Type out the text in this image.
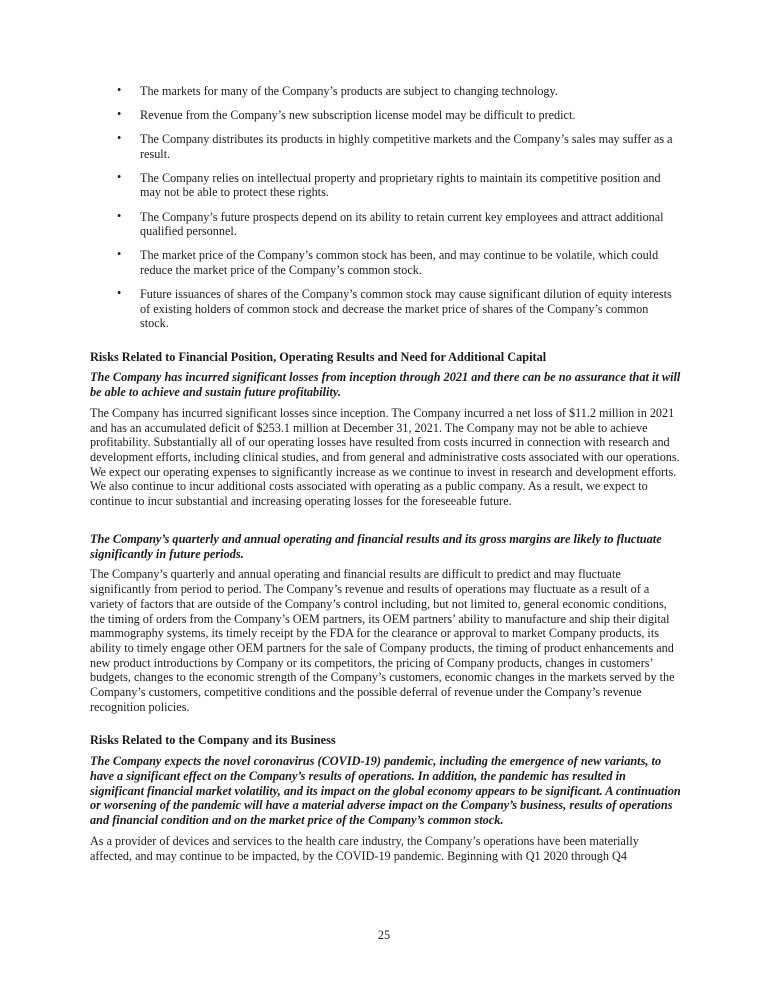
• The markets for many of the Company’s products are subject to changing technology.
• Revenue from the Company’s new subscription license model may be difficult to predict.
• The Company distributes its products in highly competitive markets and the Company’s sales may suffer as a result.
• The Company relies on intellectual property and proprietary rights to maintain its competitive position and may not be able to protect these rights.
• The Company’s future prospects depend on its ability to retain current key employees and attract additional qualified personnel.
• The market price of the Company’s common stock has been, and may continue to be volatile, which could reduce the market price of the Company’s common stock.
• Future issuances of shares of the Company’s common stock may cause significant dilution of equity interests of existing holders of common stock and decrease the market price of shares of the Company’s common stock.
Risks Related to Financial Position, Operating Results and Need for Additional Capital

The Company has incurred significant losses from inception through 2021 and there can be no assurance that it will be able to achieve and sustain future profitability.

The Company has incurred significant losses since inception. The Company incurred a net loss of $11.2 million in 2021 and has an accumulated deficit of $253.1 million at December 31, 2021. The Company may not be able to achieve profitability. Substantially all of our operating losses have resulted from costs incurred in connection with research and development efforts, including clinical studies, and from general and administrative costs associated with our operations. We expect our operating expenses to significantly increase as we continue to invest in research and development efforts. We also continue to incur additional costs associated with operating as a public company. As a result, we expect to continue to incur substantial and increasing operating losses for the foreseeable future.

The Company’s quarterly and annual operating and financial results and its gross margins are likely to fluctuate significantly in future periods.

The Company’s quarterly and annual operating and financial results are difficult to predict and may fluctuate significantly from period to period. The Company’s revenue and results of operations may fluctuate as a result of a variety of factors that are outside of the Company’s control including, but not limited to, general economic conditions, the timing of orders from the Company’s OEM partners, its OEM partners’ ability to manufacture and ship their digital mammography systems, its timely receipt by the FDA for the clearance or approval to market Company products, its ability to timely engage other OEM partners for the sale of Company products, the timing of product enhancements and new product introductions by Company or its competitors, the pricing of Company products, changes in customers’ budgets, changes to the economic strength of the Company’s customers, economic changes in the markets served by the Company’s customers, competitive conditions and the possible deferral of revenue under the Company’s revenue recognition policies.

Risks Related to the Company and its Business

The Company expects the novel coronavirus (COVID-19) pandemic, including the emergence of new variants, to have a significant effect on the Company’s results of operations. In addition, the pandemic has resulted in significant financial market volatility, and its impact on the global economy appears to be significant. A continuation or worsening of the pandemic will have a material adverse impact on the Company’s business, results of operations and financial condition and on the market price of the Company’s common stock.

As a provider of devices and services to the health care industry, the Company’s operations have been materially affected, and may continue to be impacted, by the COVID-19 pandemic. Beginning with Q1 2020 through Q4

25
